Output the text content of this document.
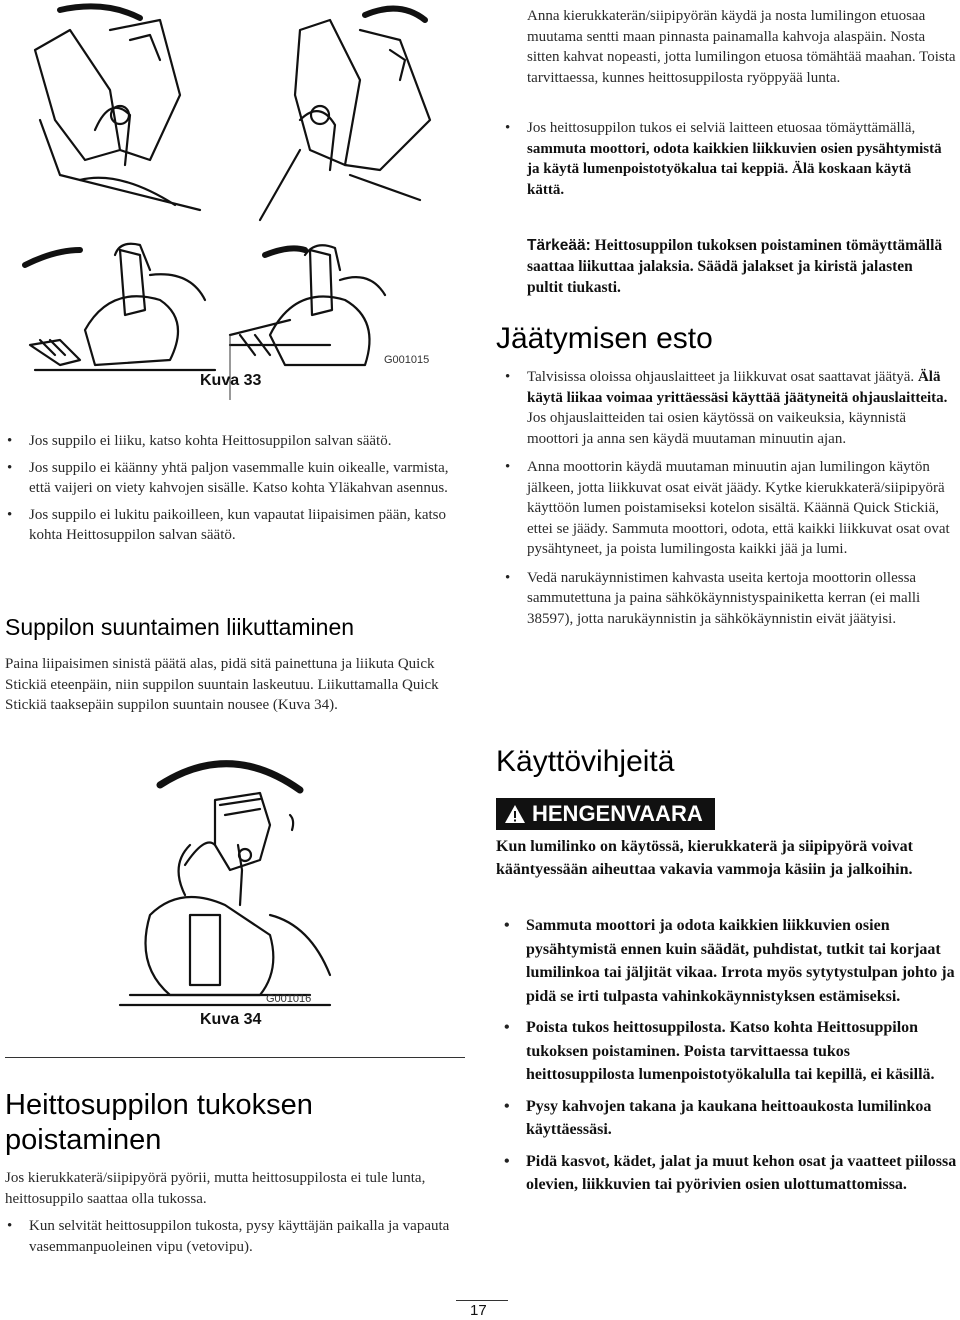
G001015
Kuva 33
• Jos suppilo ei liiku, katso kohta Heittosuppilon salvan säätö.
• Jos suppilo ei käänny yhtä paljon vasemmalle kuin oikealle, varmista, että vaijeri on viety kahvojen sisälle. Katso kohta Yläkahvan asennus.
• Jos suppilo ei lukitu paikoilleen, kun vapautat liipaisimen pään, katso kohta Heittosuppilon salvan säätö.
Suppilon suuntaimen liikuttaminen

Paina liipaisimen sinistä päätä alas, pidä sitä painettuna ja liikuta Quick Stickiä eteenpäin, niin suppilon suuntain laskeutuu. Liikuttamalla Quick Stickiä taaksepäin suppilon suuntain nousee (Kuva 34).

G001016
Kuva 34
Heittosuppilon tukoksen
poistaminen

Jos kierukkaterä/siipipyörä pyörii, mutta heittosuppilosta ei tule lunta, heittosuppilo saattaa olla tukossa.

• Kun selvität heittosuppilon tukosta, pysy käyttäjän paikalla ja vapauta vasemmanpuoleinen vipu (vetovipu).

Anna kierukkaterän/siipipyörän käydä ja nosta lumilingon etuosaa muutama sentti maan pinnasta painamalla kahvoja alaspäin. Nosta sitten kahvat nopeasti, jotta lumilingon etuosa tömähtää maahan. Toista tarvittaessa, kunnes heittosuppilosta ryöppyää lunta.

• Jos heittosuppilon tukos ei selviä laitteen etuosaa tömäyttämällä, sammuta moottori, odota kaikkien liikkuvien osien pysähtymistä ja käytä lumenpoistotyökalua tai keppiä. Älä koskaan käytä kättä.

Tärkeää: Heittosuppilon tukoksen poistaminen tömäyttämällä saattaa liikuttaa jalaksia. Säädä jalakset ja kiristä jalasten pultit tiukasti.

Jäätymisen esto
• Talvisissa oloissa ohjauslaitteet ja liikkuvat osat saattavat jäätyä. Älä käytä liikaa voimaa yrittäessäsi käyttää jäätyneitä ohjauslaitteita. Jos ohjauslaitteiden tai osien käytössä on vaikeuksia, käynnistä moottori ja anna sen käydä muutaman minuutin ajan.
• Anna moottorin käydä muutaman minuutin ajan lumilingon käytön jälkeen, jotta liikkuvat osat eivät jäädy. Kytke kierukkaterä/siipipyörä käyttöön lumen poistamiseksi kotelon sisältä. Käännä Quick Stickiä, ettei se jäädy. Sammuta moottori, odota, että kaikki liikkuvat osat ovat pysähtyneet, ja poista lumilingosta kaikki jää ja lumi.
• Vedä narukäynnistimen kahvasta useita kertoja moottorin ollessa sammutettuna ja paina sähkökäynnistyspainiketta kerran (ei malli 38597), jotta narukäynnistin ja sähkökäynnistin eivät jäätyisi.
Käyttövihjeitä
HENGENVAARA

Kun lumilinko on käytössä, kierukkaterä ja siipipyörä voivat kääntyessään aiheuttaa vakavia vammoja käsiin ja jalkoihin.

• Sammuta moottori ja odota kaikkien liikkuvien osien pysähtymistä ennen kuin säädät, puhdistat, tutkit tai korjaat lumilinkoa tai jäljität vikaa. Irrota myös sytytystulpan johto ja pidä se irti tulpasta vahinkokäynnistyksen estämiseksi.
• Poista tukos heittosuppilosta. Katso kohta Heittosuppilon tukoksen poistaminen. Poista tarvittaessa tukos heittosuppilosta lumenpoistotyökalulla tai kepillä, ei käsillä.
• Pysy kahvojen takana ja kaukana heittoaukosta lumilinkoa käyttäessäsi.
• Pidä kasvot, kädet, jalat ja muut kehon osat ja vaatteet piilossa olevien, liikkuvien tai pyörivien osien ulottumattomissa.
17
